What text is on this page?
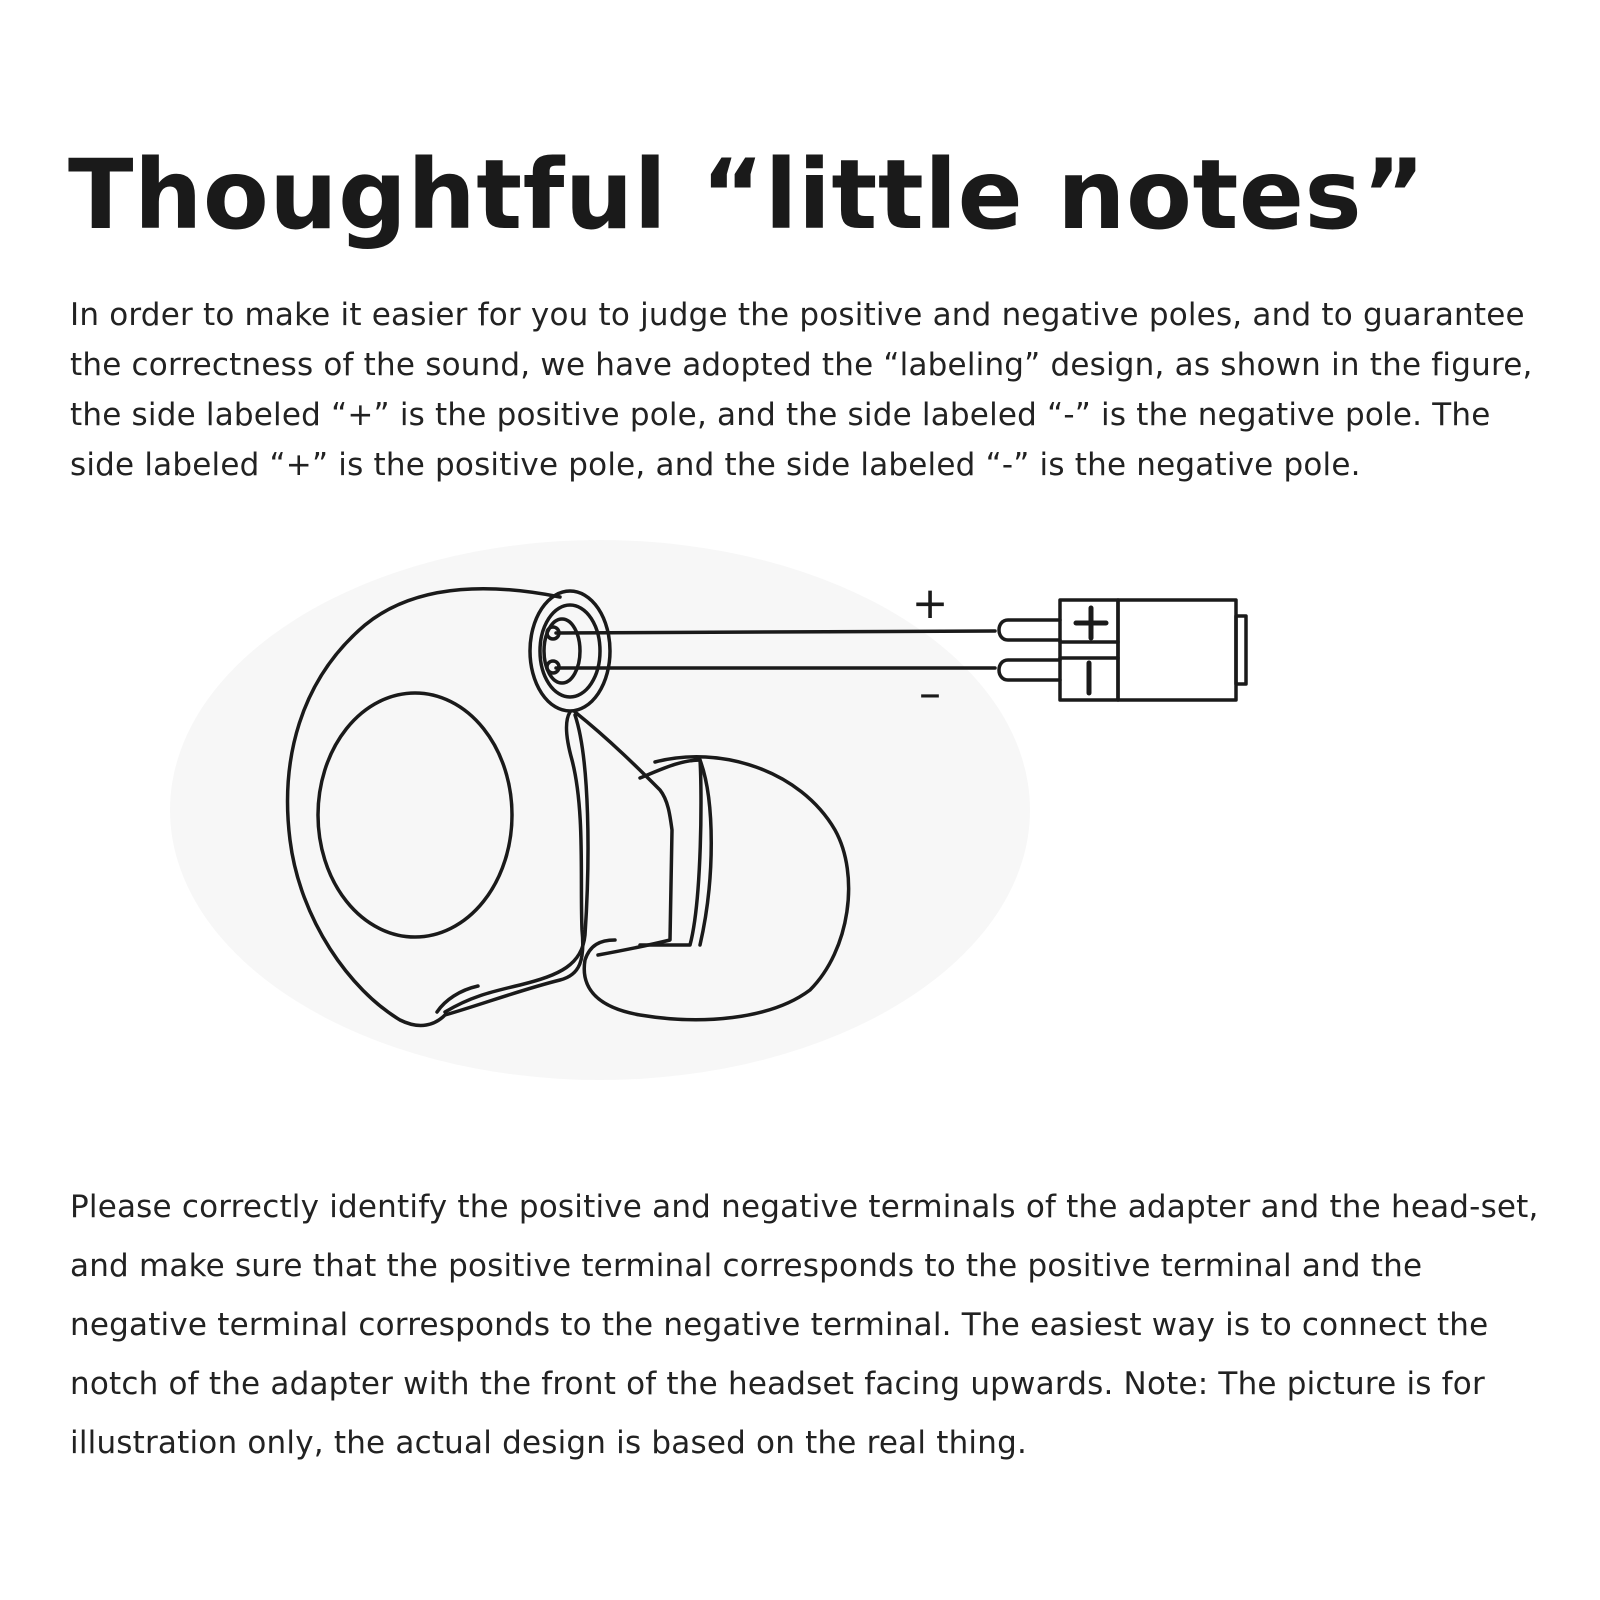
Thoughtful “little notes”

In order to make it easier for you to judge the positive and negative poles, and to guarantee the correctness of the sound, we have adopted the “labeling” design, as shown in the figure, the side labeled “+” is the positive pole, and the side labeled “-” is the negative pole. The side labeled “+” is the positive pole, and the side labeled “-” is the negative pole.

+
–

Please correctly identify the positive and negative terminals of the adapter and the head-set, and make sure that the positive terminal corresponds to the positive terminal and the negative terminal corresponds to the negative terminal. The easiest way is to connect the notch of the adapter with the front of the headset facing upwards. Note: The picture is for illustration only, the actual design is based on the real thing.
